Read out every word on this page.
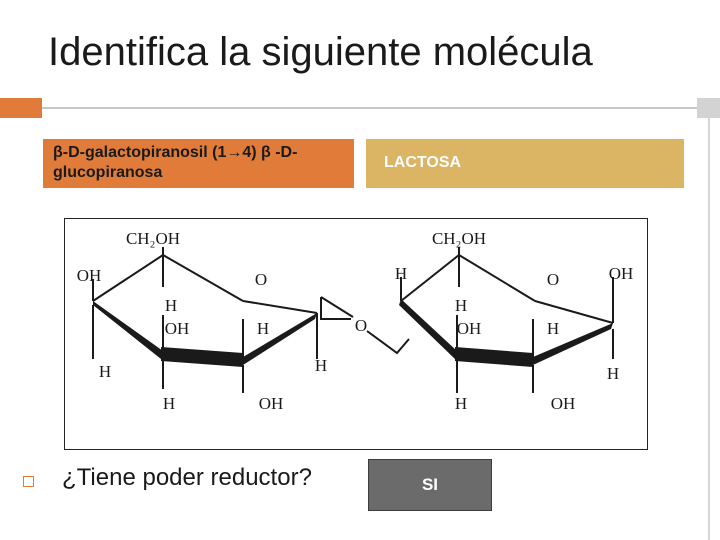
Identifica la siguiente molécula
β-D-galactopiranosil (1→4) β -D-glucopiranosa
LACTOSA
CH₂OH
OH	O
H
OH	H
H
H	OH
H
O
CH₂OH
H	O	OH
H
OH	H
H
H	OH
¿Tiene poder reductor?	SI
